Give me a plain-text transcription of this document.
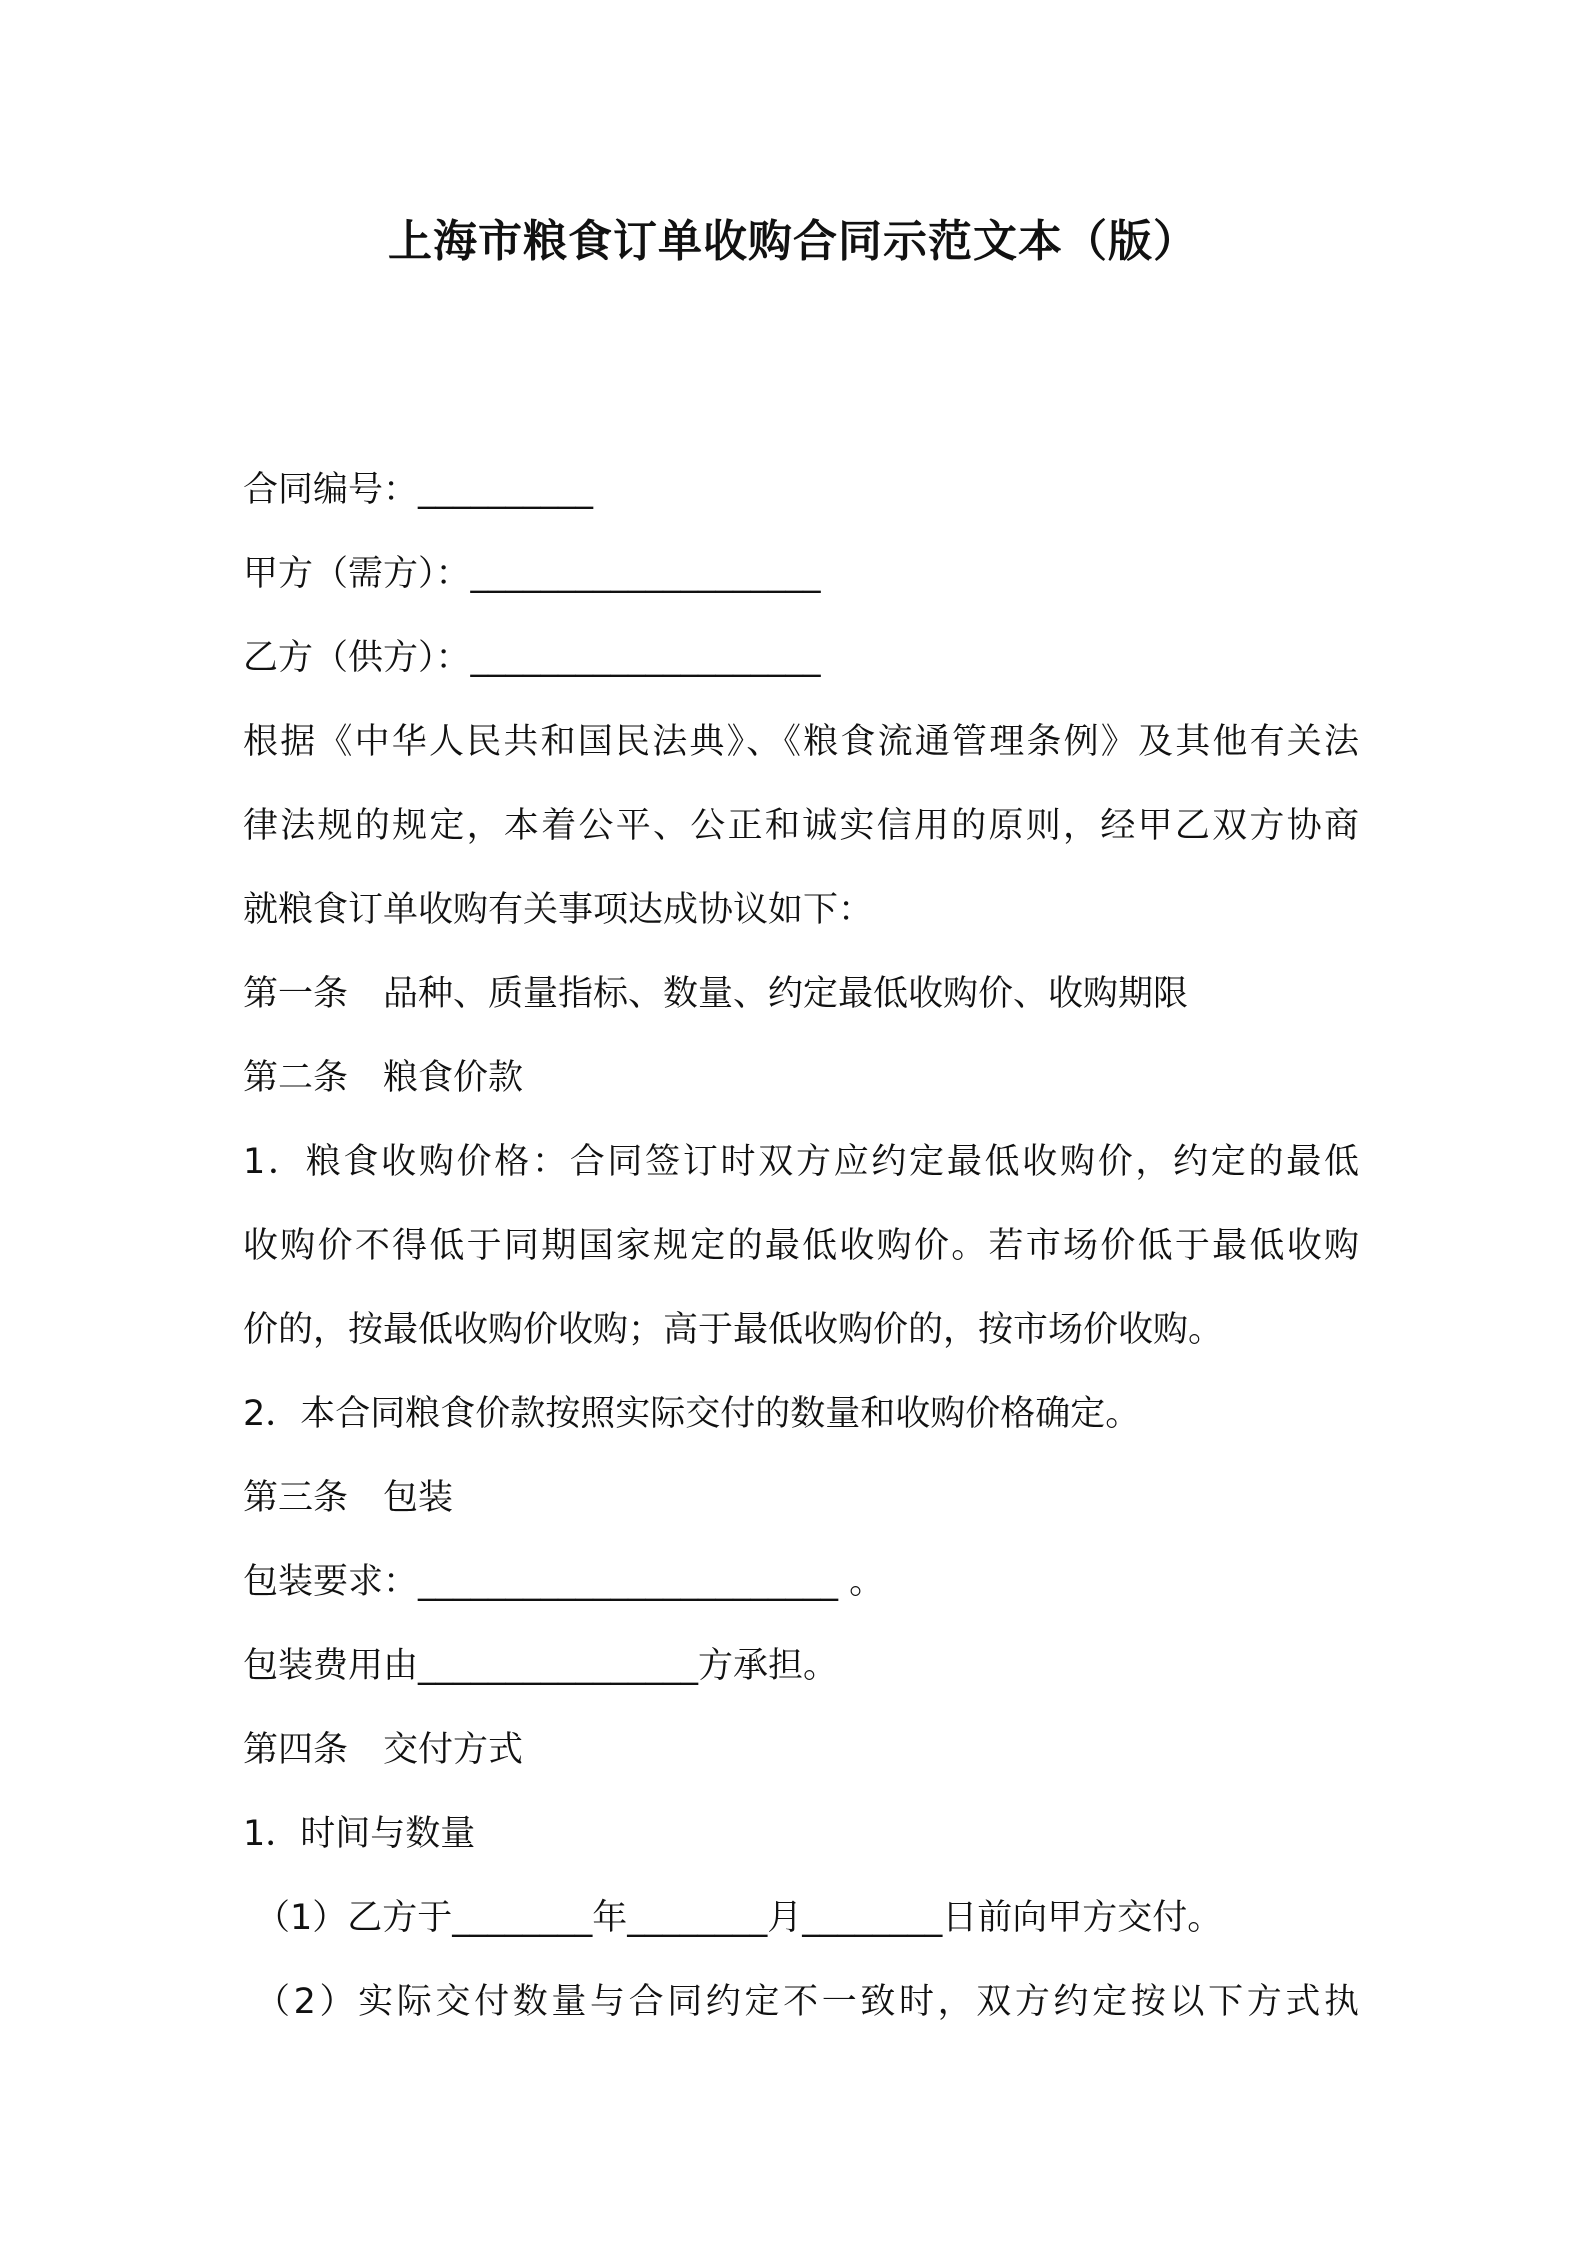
上海市粮食订单收购合同示范文本（版）

合同编号：__________

甲方（需方）：____________________

乙方（供方）：____________________

根据《中华人民共和国民法典》、《粮食流通管理条例》及其他有关法

律法规的规定，本着公平、公正和诚实信用的原则，经甲乙双方协商

就粮食订单收购有关事项达成协议如下：

第一条　品种、质量指标、数量、约定最低收购价、收购期限

第二条　粮食价款

1．粮食收购价格：合同签订时双方应约定最低收购价，约定的最低

收购价不得低于同期国家规定的最低收购价。若市场价低于最低收购

价的，按最低收购价收购；高于最低收购价的，按市场价收购。

2．本合同粮食价款按照实际交付的数量和收购价格确定。

第三条　包装

包装要求：________________________ 。

包装费用由________________方承担。

第四条　交付方式

1．时间与数量

（1）乙方于________年________月________日前向甲方交付。

（2）实际交付数量与合同约定不一致时，双方约定按以下方式执
